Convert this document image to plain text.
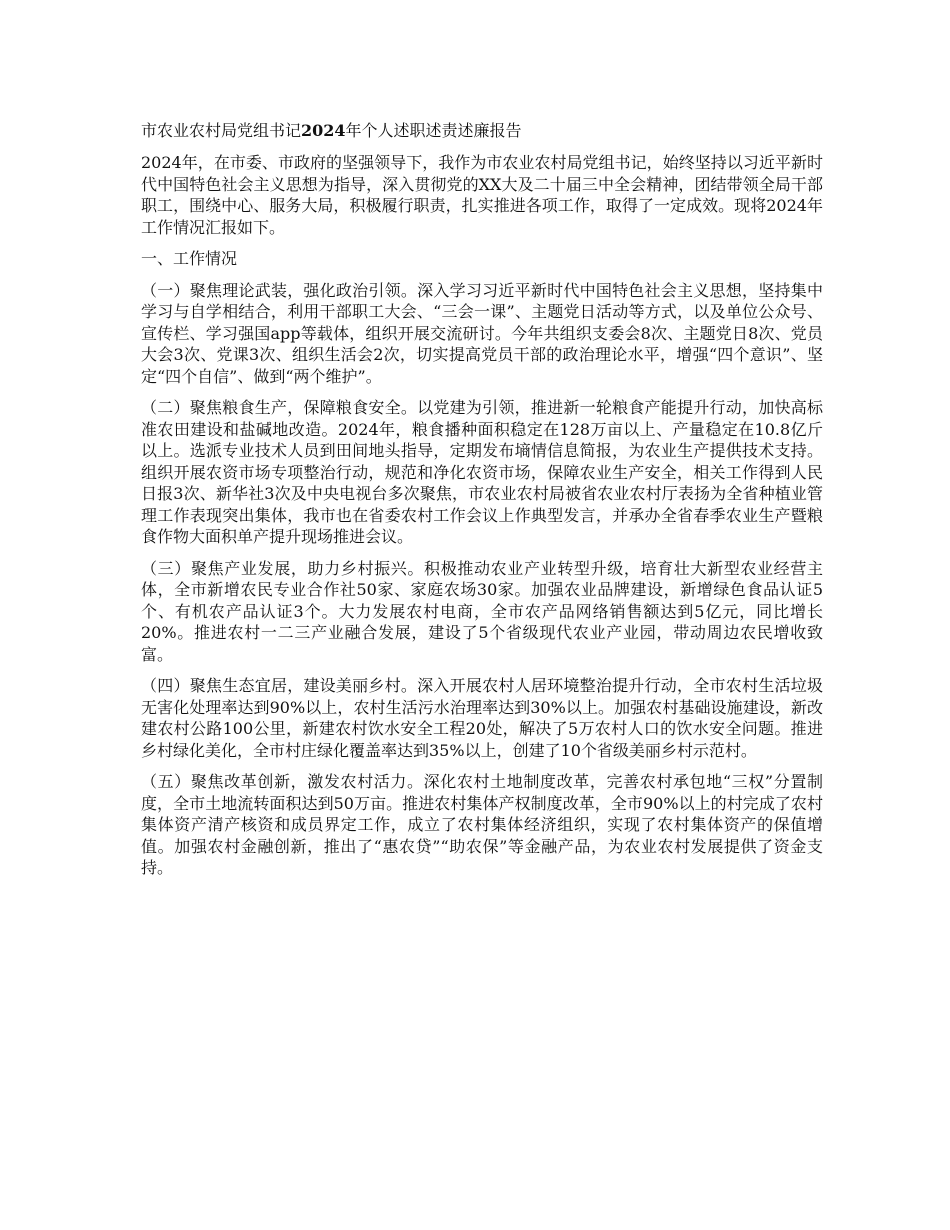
市农业农村局党组书记2024年个人述职述责述廉报告

2024年，在市委、市政府的坚强领导下，我作为市农业农村局党组书记，始终坚持以习近平新时代中国特色社会主义思想为指导，深入贯彻党的XX大及二十届三中全会精神，团结带领全局干部职工，围绕中心、服务大局，积极履行职责，扎实推进各项工作，取得了一定成效。现将2024年工作情况汇报如下。

一、工作情况

（一）聚焦理论武装，强化政治引领。深入学习习近平新时代中国特色社会主义思想，坚持集中学习与自学相结合，利用干部职工大会、“三会一课”、主题党日活动等方式，以及单位公众号、宣传栏、学习强国app等载体，组织开展交流研讨。今年共组织支委会8次、主题党日8次、党员大会3次、党课3次、组织生活会2次，切实提高党员干部的政治理论水平，增强“四个意识”、坚定“四个自信”、做到“两个维护”。

（二）聚焦粮食生产，保障粮食安全。以党建为引领，推进新一轮粮食产能提升行动，加快高标准农田建设和盐碱地改造。2024年，粮食播种面积稳定在128万亩以上、产量稳定在10.8亿斤以上。选派专业技术人员到田间地头指导，定期发布墒情信息简报，为农业生产提供技术支持。组织开展农资市场专项整治行动，规范和净化农资市场，保障农业生产安全，相关工作得到人民日报3次、新华社3次及中央电视台多次聚焦，市农业农村局被省农业农村厅表扬为全省种植业管理工作表现突出集体，我市也在省委农村工作会议上作典型发言，并承办全省春季农业生产暨粮食作物大面积单产提升现场推进会议。

（三）聚焦产业发展，助力乡村振兴。积极推动农业产业转型升级，培育壮大新型农业经营主体，全市新增农民专业合作社50家、家庭农场30家。加强农业品牌建设，新增绿色食品认证5个、有机农产品认证3个。大力发展农村电商，全市农产品网络销售额达到5亿元，同比增长20%。推进农村一二三产业融合发展，建设了5个省级现代农业产业园，带动周边农民增收致富。

（四）聚焦生态宜居，建设美丽乡村。深入开展农村人居环境整治提升行动，全市农村生活垃圾无害化处理率达到90%以上，农村生活污水治理率达到30%以上。加强农村基础设施建设，新改建农村公路100公里，新建农村饮水安全工程20处，解决了5万农村人口的饮水安全问题。推进乡村绿化美化，全市村庄绿化覆盖率达到35%以上，创建了10个省级美丽乡村示范村。

（五）聚焦改革创新，激发农村活力。深化农村土地制度改革，完善农村承包地“三权”分置制度，全市土地流转面积达到50万亩。推进农村集体产权制度改革，全市90%以上的村完成了农村集体资产清产核资和成员界定工作，成立了农村集体经济组织，实现了农村集体资产的保值增值。加强农村金融创新，推出了“惠农贷”“助农保”等金融产品，为农业农村发展提供了资金支持。
